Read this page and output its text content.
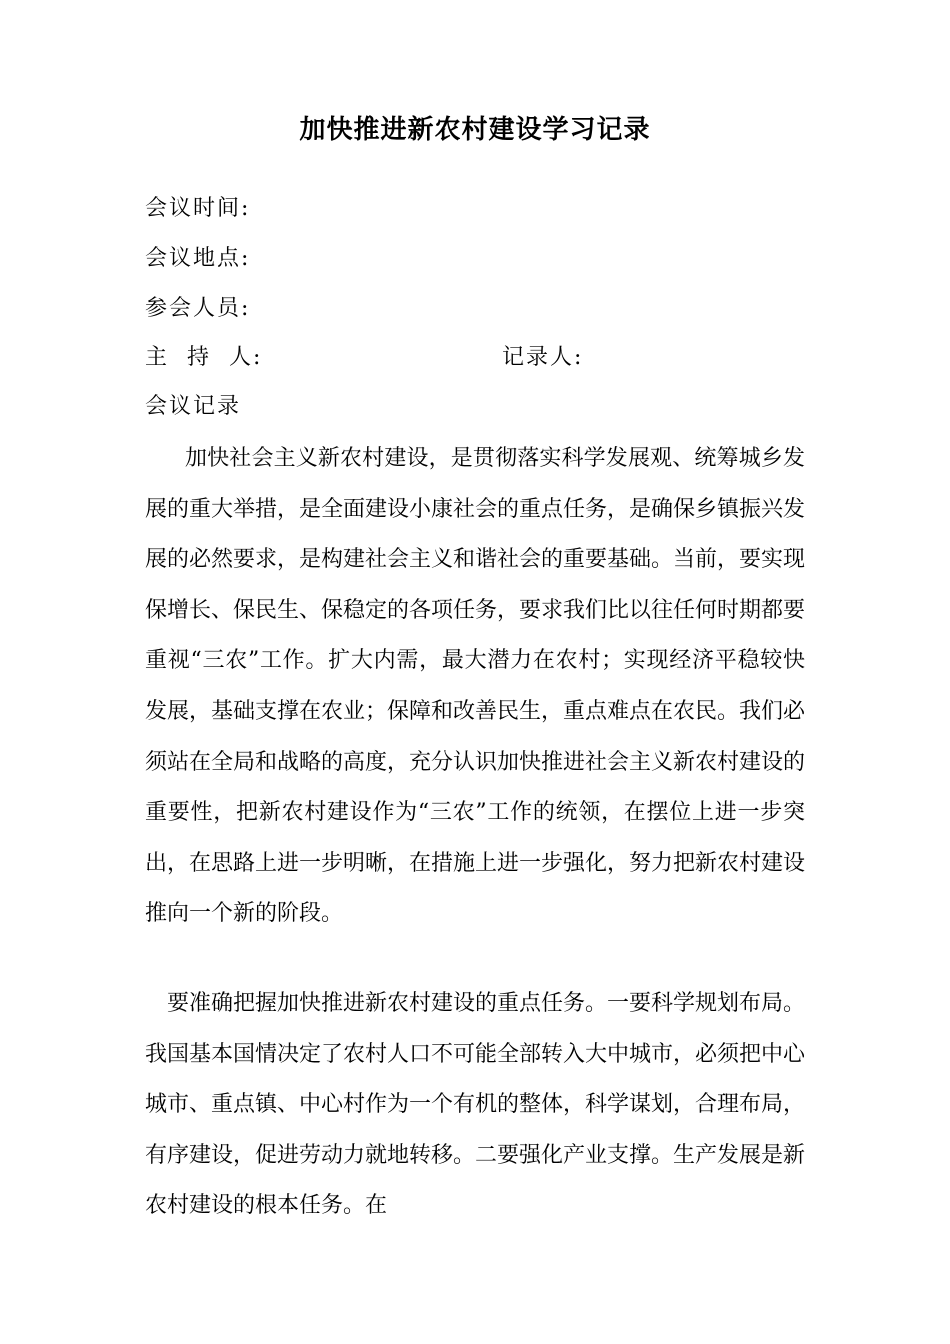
加快推进新农村建设学习记录
会议时间:
会议地点:
参会人员:
主  持  人:	记录人:
会议记录

加快社会主义新农村建设，是贯彻落实科学发展观、统筹城乡发展的重大举措，是全面建设小康社会的重点任务，是确保乡镇振兴发展的必然要求，是构建社会主义和谐社会的重要基础。当前，要实现保增长、保民生、保稳定的各项任务，要求我们比以往任何时期都要重视“三农”工作。扩大内需，最大潜力在农村；实现经济平稳较快发展，基础支撑在农业；保障和改善民生，重点难点在农民。我们必须站在全局和战略的高度，充分认识加快推进社会主义新农村建设的重要性，把新农村建设作为“三农”工作的统领，在摆位上进一步突出，在思路上进一步明晰，在措施上进一步强化，努力把新农村建设推向一个新的阶段。

要准确把握加快推进新农村建设的重点任务。一要科学规划布局。我国基本国情决定了农村人口不可能全部转入大中城市，必须把中心城市、重点镇、中心村作为一个有机的整体，科学谋划，合理布局，有序建设，促进劳动力就地转移。二要强化产业支撑。生产发展是新农村建设的根本任务。在
